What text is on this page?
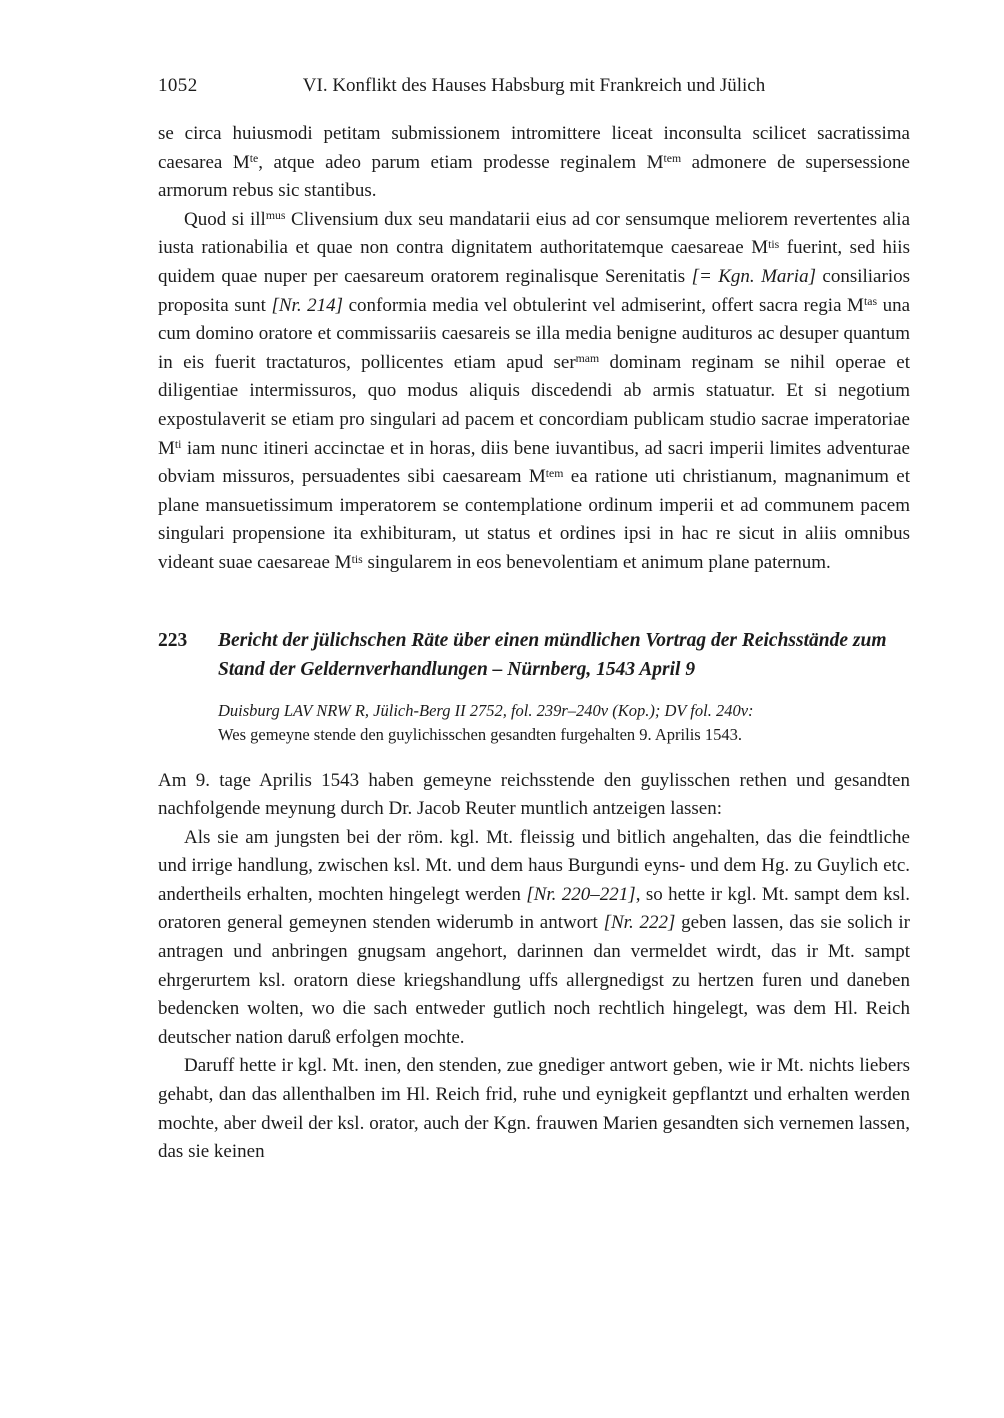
1052	VI. Konflikt des Hauses Habsburg mit Frankreich und Jülich

se circa huiusmodi petitam submissionem intromittere liceat inconsulta scilicet sacratissima caesarea $M^{te}$, atque adeo parum etiam prodesse reginalem $M^{tem}$ admonere de supersessione armorum rebus sic stantibus.

Quod si ill$^{mus}$ Clivensium dux seu mandatarii eius ad cor sensumque meliorem revertentes alia iusta rationabilia et quae non contra dignitatem authoritatemque caesareae $M^{tis}$ fuerint, sed hiis quidem quae nuper per caesareum oratorem reginalisque Serenitatis [= Kgn. Maria] consiliarios proposita sunt [Nr. 214] conformia media vel obtulerint vel admiserint, offert sacra regia $M^{tas}$ una cum domino oratore et commissariis caesareis se illa media benigne audituros ac desuper quantum in eis fuerit tractaturos, pollicentes etiam apud ser$^{mam}$ dominam reginam se nihil operae et diligentiae intermissuros, quo modus aliquis discedendi ab armis statuatur. Et si negotium expostulaverit se etiam pro singulari ad pacem et concordiam publicam studio sacrae imperatoriae $M^{ti}$ iam nunc itineri accinctae et in horas, diis bene iuvantibus, ad sacri imperii limites adventurae obviam missuros, persuadentes sibi caesaream $M^{tem}$ ea ratione uti christianum, magnanimum et plane mansuetissimum imperatorem se contemplatione ordinum imperii et ad communem pacem singulari propensione ita exhibituram, ut status et ordines ipsi in hac re sicut in aliis omnibus videant suae caesareae $M^{tis}$ singularem in eos benevolentiam et animum plane paternum.

223	Bericht der jülichschen Räte über einen mündlichen Vortrag der Reichsstände zum Stand der Geldernverhandlungen – Nürnberg, 1543 April 9

Duisburg LAV NRW R, Jülich-Berg II 2752, fol. 239r–240v (Kop.); DV fol. 240v:

Wes gemeyne stende den guylichisschen gesandten furgehalten 9. Aprilis 1543.

Am 9. tage Aprilis 1543 haben gemeyne reichsstende den guylisschen rethen und gesandten nachfolgende meynung durch Dr. Jacob Reuter muntlich antzeigen lassen:

Als sie am jungsten bei der röm. kgl. Mt. fleissig und bitlich angehalten, das die feindtliche und irrige handlung, zwischen ksl. Mt. und dem haus Burgundi eyns- und dem Hg. zu Guylich etc. andertheils erhalten, mochten hingelegt werden [Nr. 220–221], so hette ir kgl. Mt. sampt dem ksl. oratoren general gemeynen stenden widerumb in antwort [Nr. 222] geben lassen, das sie solich ir antragen und anbringen gnugsam angehort, darinnen dan vermeldet wirdt, das ir Mt. sampt ehrgerurtem ksl. oratorn diese kriegshandlung uffs allergnedigst zu hertzen furen und daneben bedencken wolten, wo die sach entweder gutlich noch rechtlich hingelegt, was dem Hl. Reich deutscher nation daruß erfolgen mochte.

Daruff hette ir kgl. Mt. inen, den stenden, zue gnediger antwort geben, wie ir Mt. nichts liebers gehabt, dan das allenthalben im Hl. Reich frid, ruhe und eynigkeit gepflantzt und erhalten werden mochte, aber dweil der ksl. orator, auch der Kgn. frauwen Marien gesandten sich vernemen lassen, das sie keinen
